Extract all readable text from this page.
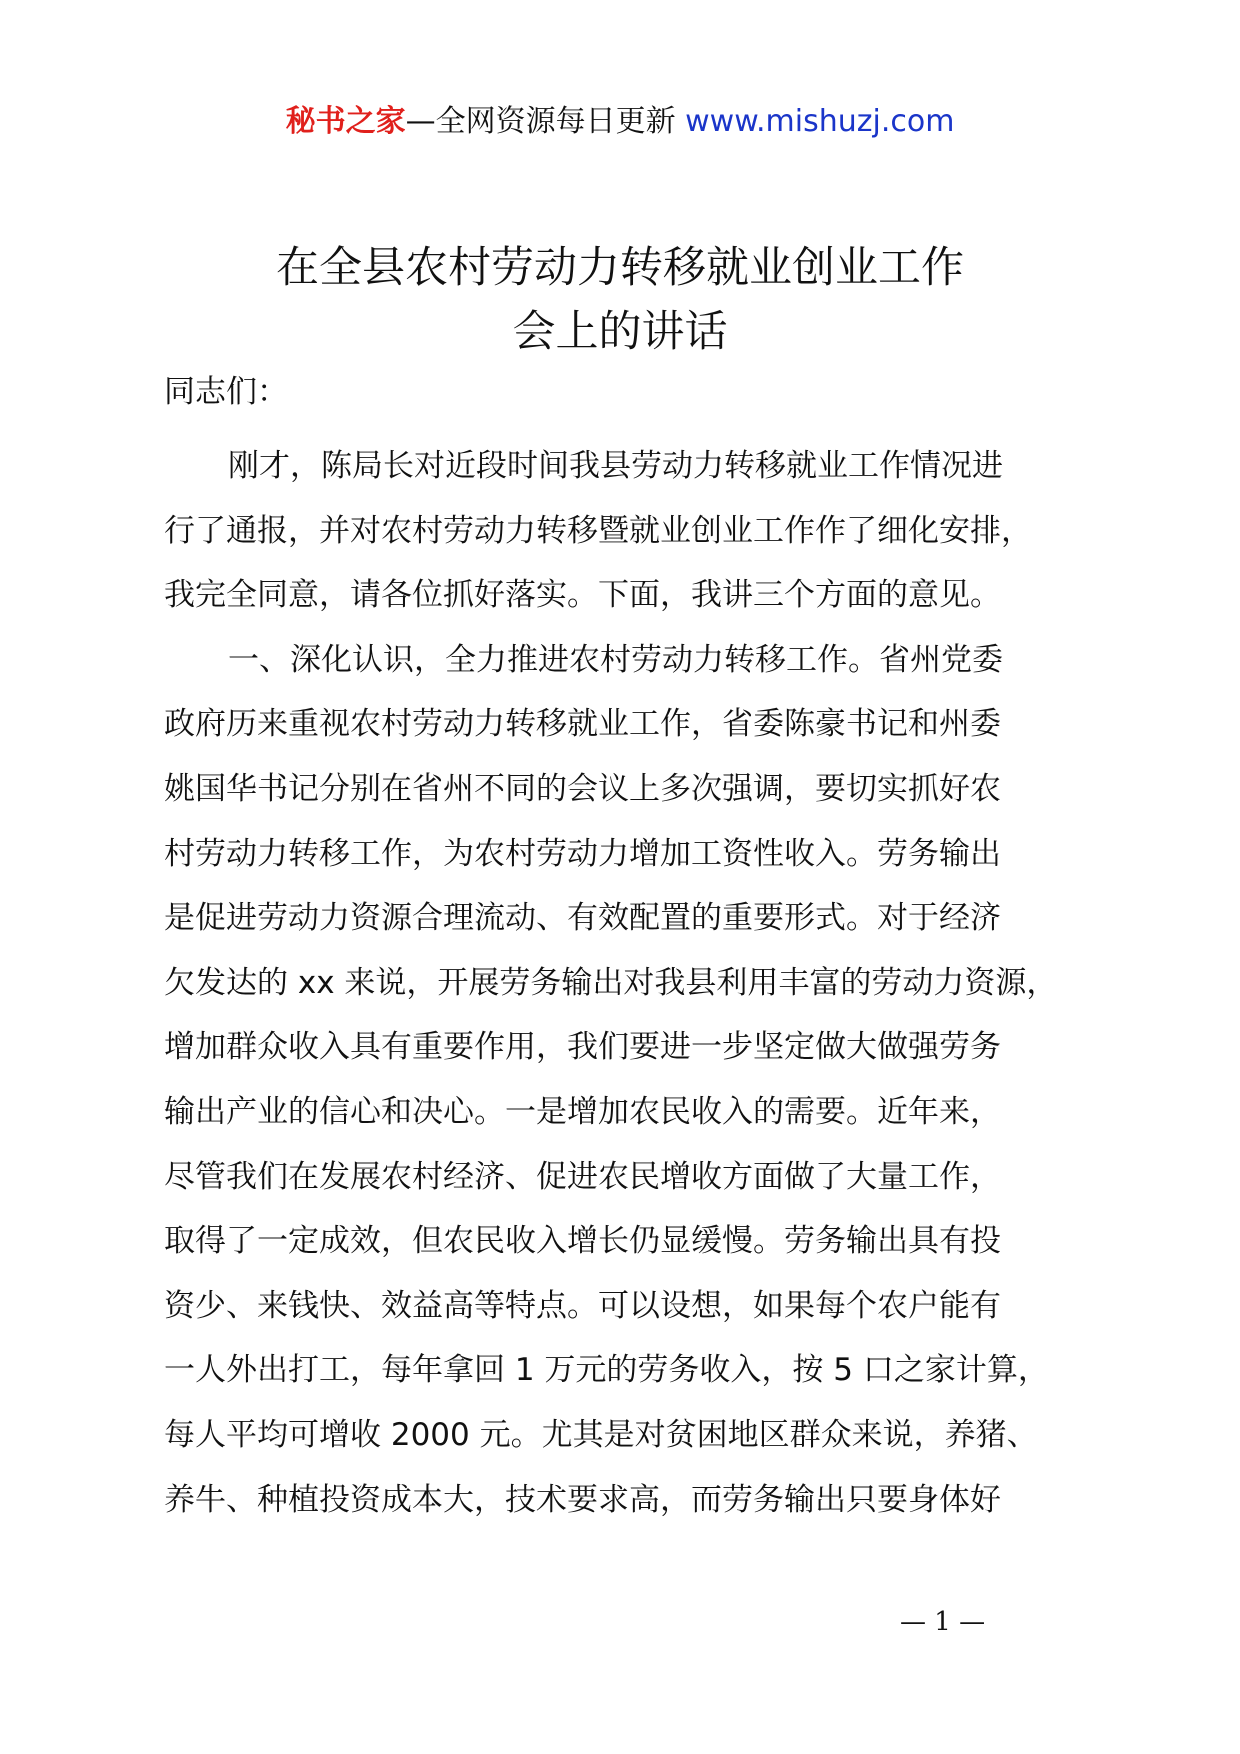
秘书之家—全网资源每日更新 www.mishuzj.com
在全县农村劳动力转移就业创业工作
会上的讲话
同志们：
刚才，陈局长对近段时间我县劳动力转移就业工作情况进
行了通报，并对农村劳动力转移暨就业创业工作作了细化安排，
我完全同意，请各位抓好落实。下面，我讲三个方面的意见。
一、深化认识，全力推进农村劳动力转移工作。省州党委
政府历来重视农村劳动力转移就业工作，省委陈豪书记和州委
姚国华书记分别在省州不同的会议上多次强调，要切实抓好农
村劳动力转移工作，为农村劳动力增加工资性收入。劳务输出
是促进劳动力资源合理流动、有效配置的重要形式。对于经济
欠发达的 xx 来说，开展劳务输出对我县利用丰富的劳动力资源，
增加群众收入具有重要作用，我们要进一步坚定做大做强劳务
输出产业的信心和决心。一是增加农民收入的需要。近年来，
尽管我们在发展农村经济、促进农民增收方面做了大量工作，
取得了一定成效，但农民收入增长仍显缓慢。劳务输出具有投
资少、来钱快、效益高等特点。可以设想，如果每个农户能有
一人外出打工，每年拿回 1 万元的劳务收入，按 5 口之家计算，
每人平均可增收 2000 元。尤其是对贫困地区群众来说，养猪、
养牛、种植投资成本大，技术要求高，而劳务输出只要身体好
— 1 —
